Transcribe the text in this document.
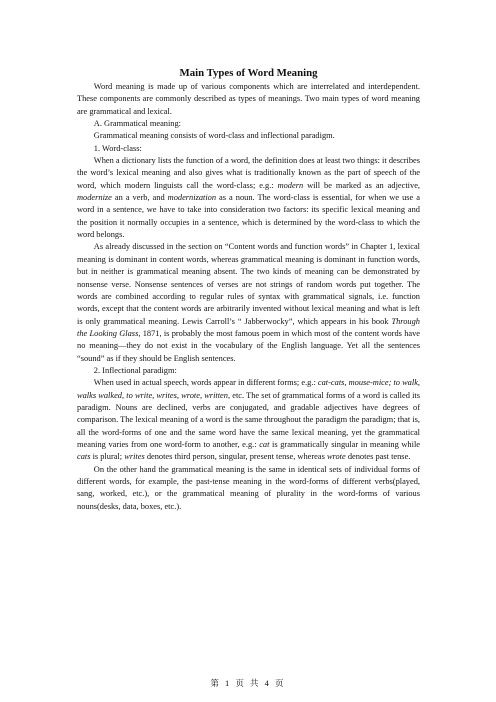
Main Types of Word Meaning

Word meaning is made up of various components which are interrelated and interdependent. These components are commonly described as types of meanings. Two main types of word meaning are grammatical and lexical.

A. Grammatical meaning:

Grammatical meaning consists of word-class and inflectional paradigm.

1. Word-class:

When a dictionary lists the function of a word, the definition does at least two things: it describes the word’s lexical meaning and also gives what is traditionally known as the part of speech of the word, which modern linguists call the word-class; e.g.: modern will be marked as an adjective, modernize an a verb, and modernization as a noun. The word-class is essential, for when we use a word in a sentence, we have to take into consideration two factors: its specific lexical meaning and the position it normally occupies in a sentence, which is determined by the word-class to which the word belongs.

As already discussed in the section on “Content words and function words” in Chapter 1, lexical meaning is dominant in content words, whereas grammatical meaning is dominant in function words, but in neither is grammatical meaning absent. The two kinds of meaning can be demonstrated by nonsense verse. Nonsense sentences of verses are not strings of random words put together. The words are combined according to regular rules of syntax with grammatical signals, i.e. function words, except that the content words are arbitrarily invented without lexical meaning and what is left is only grammatical meaning. Lewis Carroll’s “ Jabberwocky”, which appears in his book Through the Looking Glass, 1871, is probably the most famous poem in which most of the content words have no meaning—they do not exist in the vocabulary of the English language. Yet all the sentences “sound” as if they should be English sentences.

2. Inflectional paradigm:

When used in actual speech, words appear in different forms; e.g.: cat-cats, mouse-mice; to walk, walks walked, to write, writes, wrote, written, etc. The set of grammatical forms of a word is called its paradigm. Nouns are declined, verbs are conjugated, and gradable adjectives have degrees of comparison. The lexical meaning of a word is the same throughout the paradigm the paradigm; that is, all the word-forms of one and the same word have the same lexical meaning, yet the grammatical meaning varies from one word-form to another, e.g.: cat is grammatically singular in meaning while cats is plural; writes denotes third person, singular, present tense, whereas wrote denotes past tense.

On the other hand the grammatical meaning is the same in identical sets of individual forms of different words, for example, the past-tense meaning in the word-forms of different verbs(played, sang, worked, etc.), or the grammatical meaning of plurality in the word-forms of various nouns(desks, data, boxes, etc.).

第 1 页 共 4 页
